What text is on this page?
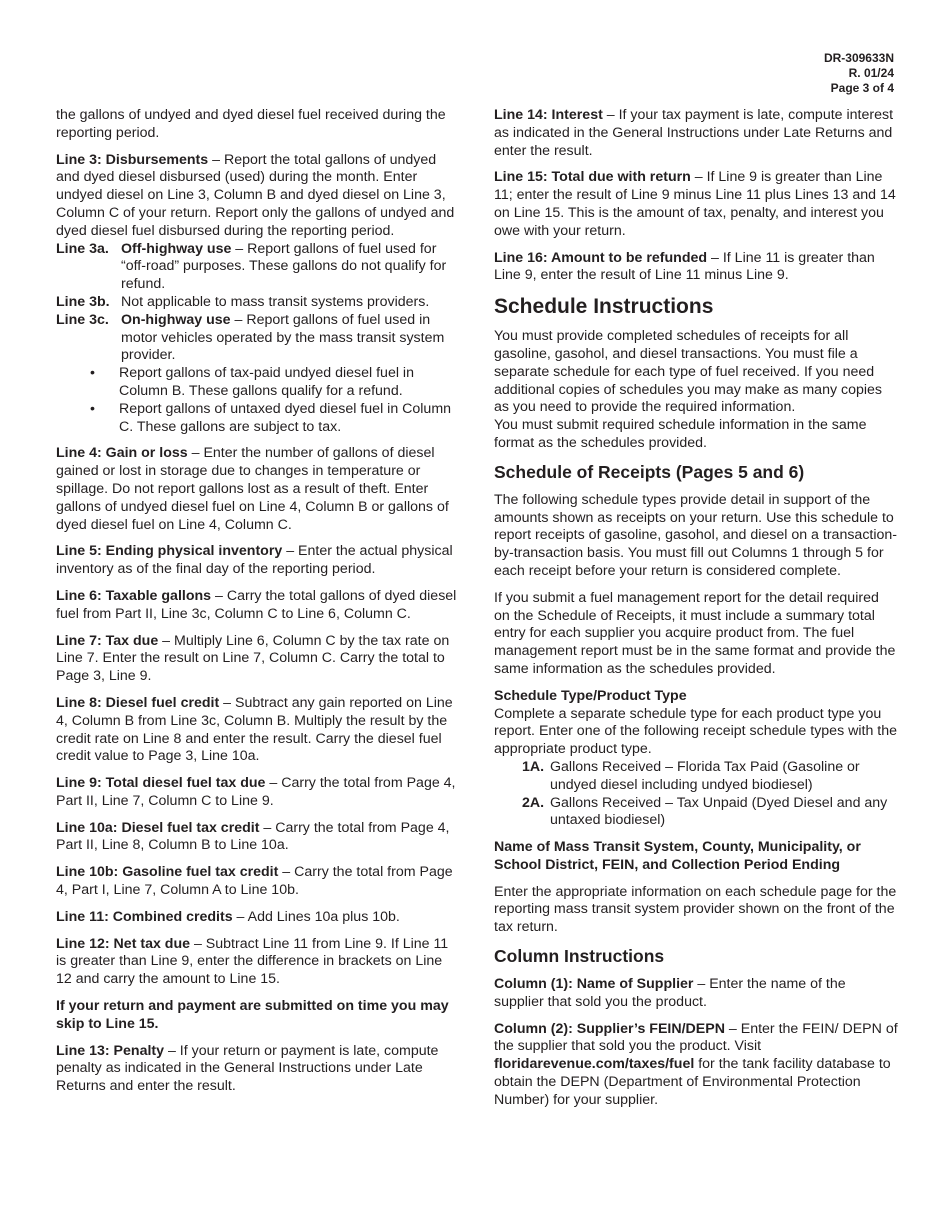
DR-309633N
R. 01/24
Page 3 of 4

the gallons of undyed and dyed diesel fuel received during the reporting period.

Line 3: Disbursements – Report the total gallons of undyed and dyed diesel disbursed (used) during the month. Enter undyed diesel on Line 3, Column B and dyed diesel on Line 3, Column C of your return. Report only the gallons of undyed and dyed diesel fuel disbursed during the reporting period.

Line 3a. Off-highway use – Report gallons of fuel used for “off-road” purposes. These gallons do not qualify for refund.
Line 3b. Not applicable to mass transit systems providers.
Line 3c. On-highway use – Report gallons of fuel used in motor vehicles operated by the mass transit system provider.
•	Report gallons of tax-paid undyed diesel fuel in Column B. These gallons qualify for a refund.
•	Report gallons of untaxed dyed diesel fuel in Column C. These gallons are subject to tax.

Line 4: Gain or loss – Enter the number of gallons of diesel gained or lost in storage due to changes in temperature or spillage. Do not report gallons lost as a result of theft. Enter gallons of undyed diesel fuel on Line 4, Column B or gallons of dyed diesel fuel on Line 4, Column C.

Line 5: Ending physical inventory – Enter the actual physical inventory as of the final day of the reporting period.

Line 6: Taxable gallons – Carry the total gallons of dyed diesel fuel from Part II, Line 3c, Column C to Line 6, Column C.

Line 7: Tax due – Multiply Line 6, Column C by the tax rate on Line 7. Enter the result on Line 7, Column C. Carry the total to Page 3, Line 9.

Line 8: Diesel fuel credit – Subtract any gain reported on Line 4, Column B from Line 3c, Column B. Multiply the result by the credit rate on Line 8 and enter the result. Carry the diesel fuel credit value to Page 3, Line 10a.

Line 9: Total diesel fuel tax due – Carry the total from Page 4, Part II, Line 7, Column C to Line 9.

Line 10a: Diesel fuel tax credit – Carry the total from Page 4, Part II, Line 8, Column B to Line 10a.

Line 10b: Gasoline fuel tax credit – Carry the total from Page 4, Part I, Line 7, Column A to Line 10b.

Line 11: Combined credits – Add Lines 10a plus 10b.

Line 12: Net tax due – Subtract Line 11 from Line 9. If Line 11 is greater than Line 9, enter the difference in brackets on Line 12 and carry the amount to Line 15.

If your return and payment are submitted on time you may skip to Line 15.

Line 13: Penalty – If your return or payment is late, compute penalty as indicated in the General Instructions under Late Returns and enter the result.

Line 14: Interest – If your tax payment is late, compute interest as indicated in the General Instructions under Late Returns and enter the result.

Line 15: Total due with return – If Line 9 is greater than Line 11; enter the result of Line 9 minus Line 11 plus Lines 13 and 14 on Line 15. This is the amount of tax, penalty, and interest you owe with your return.

Line 16: Amount to be refunded – If Line 11 is greater than Line 9, enter the result of Line 11 minus Line 9.

Schedule Instructions

You must provide completed schedules of receipts for all gasoline, gasohol, and diesel transactions. You must file a separate schedule for each type of fuel received. If you need additional copies of schedules you may make as many copies as you need to provide the required information.

You must submit required schedule information in the same format as the schedules provided.

Schedule of Receipts (Pages 5 and 6)

The following schedule types provide detail in support of the amounts shown as receipts on your return. Use this schedule to report receipts of gasoline, gasohol, and diesel on a transaction-by-transaction basis. You must fill out Columns 1 through 5 for each receipt before your return is considered complete.

If you submit a fuel management report for the detail required on the Schedule of Receipts, it must include a summary total entry for each supplier you acquire product from. The fuel management report must be in the same format and provide the same information as the schedules provided.

Schedule Type/Product Type
Complete a separate schedule type for each product type you report. Enter one of the following receipt schedule types with the appropriate product type.
1A. Gallons Received – Florida Tax Paid (Gasoline or undyed diesel including undyed biodiesel)
2A. Gallons Received – Tax Unpaid (Dyed Diesel and any untaxed biodiesel)

Name of Mass Transit System, County, Municipality, or School District, FEIN, and Collection Period Ending

Enter the appropriate information on each schedule page for the reporting mass transit system provider shown on the front of the tax return.

Column Instructions

Column (1): Name of Supplier – Enter the name of the supplier that sold you the product.

Column (2): Supplier’s FEIN/DEPN – Enter the FEIN/ DEPN of the supplier that sold you the product. Visit floridarevenue.com/taxes/fuel for the tank facility database to obtain the DEPN (Department of Environmental Protection Number) for your supplier.
